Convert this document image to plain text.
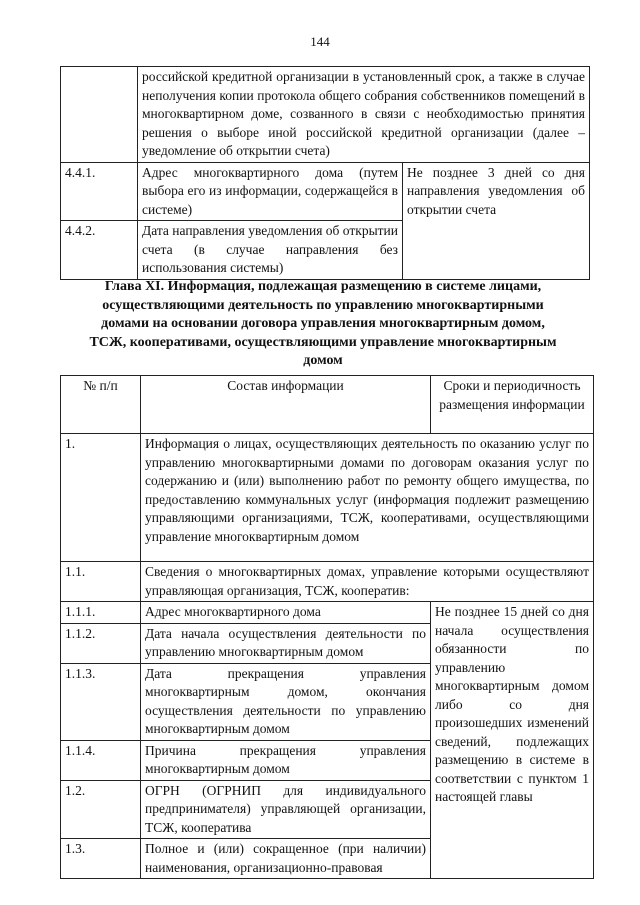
144
	российской кредитной организации в установленный срок, а также в случае неполучения копии протокола общего собрания собственников помещений в многоквартирном доме, созванного в связи с необходимостью принятия решения о выборе иной российской кредитной организации (далее – уведомление об открытии счета)	
4.4.1.	Адрес многоквартирного дома (путем выбора его из информации, содержащейся в системе)	Не позднее 3 дней со дня направления уведомления об открытии счета
4.4.2.	Дата направления уведомления об открытии счета (в случае направления без использования системы)	
Глава XI. Информация, подлежащая размещению в системе лицами, осуществляющими деятельность по управлению многоквартирными домами на основании договора управления многоквартирным домом, ТСЖ, кооперативами, осуществляющими управление многоквартирным домом
№ п/п	Состав информации	Сроки и периодичность размещения информации
1.	Информация о лицах, осуществляющих деятельность по оказанию услуг по управлению многоквартирными домами по договорам оказания услуг по содержанию и (или) выполнению работ по ремонту общего имущества, по предоставлению коммунальных услуг (информация подлежит размещению управляющими организациями, ТСЖ, кооперативами, осуществляющими управление многоквартирным домом	
1.1.	Сведения о многоквартирных домах, управление которыми осуществляют управляющая организация, ТСЖ, кооператив:	
1.1.1.	Адрес многоквартирного дома	Не позднее 15 дней со дня начала осуществления обязанности по управлению многоквартирным домом либо со дня произошедших изменений сведений, подлежащих размещению в системе в соответствии с пунктом 1 настоящей главы
1.1.2.	Дата начала осуществления деятельности по управлению многоквартирным домом	
1.1.3.	Дата прекращения управления многоквартирным домом, окончания осуществления деятельности по управлению многоквартирным домом	
1.1.4.	Причина прекращения управления многоквартирным домом	
1.2.	ОГРН (ОГРНИП для индивидуального предпринимателя) управляющей организации, ТСЖ, кооператива	
1.3.	Полное и (или) сокращенное (при наличии) наименования, организационно-правовая	
